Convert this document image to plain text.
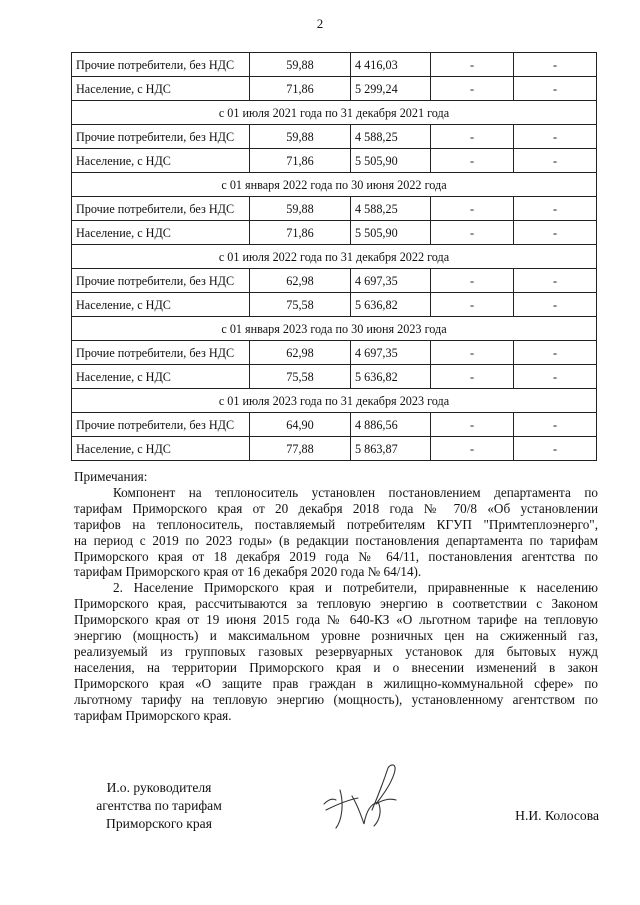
2
Прочие потребители, без НДС	59,88	4 416,03	-	-
Население, с НДС	71,86	5 299,24	-	-
с 01 июля 2021 года по 31 декабря 2021 года				
Прочие потребители, без НДС	59,88	4 588,25	-	-
Население, с НДС	71,86	5 505,90	-	-
с 01 января 2022 года по 30 июня 2022 года				
Прочие потребители, без НДС	59,88	4 588,25	-	-
Население, с НДС	71,86	5 505,90	-	-
с 01 июля 2022 года по 31 декабря 2022 года				
Прочие потребители, без НДС	62,98	4 697,35	-	-
Население, с НДС	75,58	5 636,82	-	-
с 01 января 2023 года по 30 июня 2023 года				
Прочие потребители, без НДС	62,98	4 697,35	-	-
Население, с НДС	75,58	5 636,82	-	-
с 01 июля 2023 года по 31 декабря 2023 года				
Прочие потребители, без НДС	64,90	4 886,56	-	-
Население, с НДС	77,88	5 863,87	-	-

Примечания:

Компонент на теплоноситель установлен постановлением департамента по

тарифам Приморского края от 20 декабря 2018 года № 70/8 «Об установлении

тарифов на теплоноситель, поставляемый потребителям КГУП "Примтеплоэнерго",

на период с 2019 по 2023 годы» (в редакции постановления департамента по тарифам

Приморского края от 18 декабря 2019 года № 64/11, постановления агентства по

тарифам Приморского края от 16 декабря 2020 года № 64/14).

2. Население Приморского края и потребители, приравненные к населению

Приморского края, рассчитываются за тепловую энергию в соответствии с Законом

Приморского края от 19 июня 2015 года № 640-КЗ «О льготном тарифе на тепловую

энергию (мощность) и максимальном уровне розничных цен на сжиженный газ,

реализуемый из групповых газовых резервуарных установок для бытовых нужд

населения, на территории Приморского края и о внесении изменений в закон

Приморского края «О защите прав граждан в жилищно-коммунальной сфере» по

льготному тарифу на тепловую энергию (мощность), установленному агентством по

тарифам Приморского края.

И.о. руководителя
агентства по тарифам
Приморского края
Н.И. Колосова
